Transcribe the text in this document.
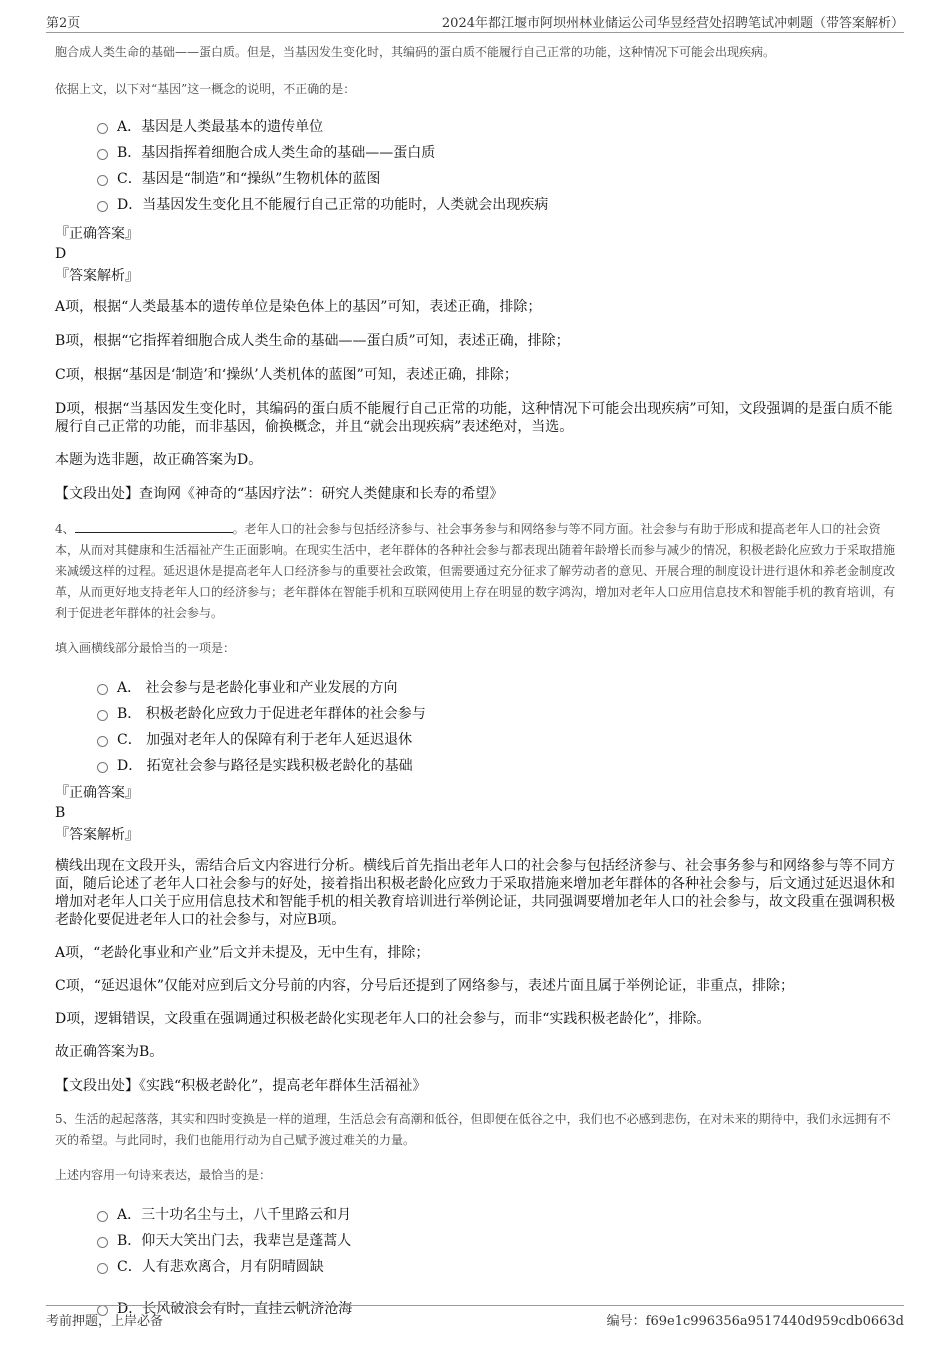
第2页	2024年都江堰市阿坝州林业储运公司华昱经营处招聘笔试冲刺题（带答案解析）
胞合成人类生命的基础——蛋白质。但是，当基因发生变化时，其编码的蛋白质不能履行自己正常的功能，这种情况下可能会出现疾病。
依据上文，以下对“基因”这一概念的说明，不正确的是：
A．基因是人类最基本的遗传单位
B．基因指挥着细胞合成人类生命的基础——蛋白质
C．基因是“制造”和“操纵”生物机体的蓝图
D．当基因发生变化且不能履行自己正常的功能时，人类就会出现疾病
『正确答案』
D
『答案解析』
A项，根据“人类最基本的遗传单位是染色体上的基因”可知，表述正确，排除；
B项，根据“它指挥着细胞合成人类生命的基础——蛋白质”可知，表述正确，排除；
C项，根据“基因是‘制造’和‘操纵’人类机体的蓝图”可知，表述正确，排除；
D项，根据“当基因发生变化时，其编码的蛋白质不能履行自己正常的功能，这种情况下可能会出现疾病”可知，文段强调的是蛋白质不能履行自己正常的功能，而非基因，偷换概念，并且“就会出现疾病”表述绝对，当选。
本题为选非题，故正确答案为D。
【文段出处】查询网《神奇的“基因疗法”：研究人类健康和长寿的希望》
4、	。老年人口的社会参与包括经济参与、社会事务参与和网络参与等不同方面。社会参与有助于形成和提高老年人口的社会资本，从而对其健康和生活福祉产生正面影响。在现实生活中，老年群体的各种社会参与都表现出随着年龄增长而参与减少的情况，积极老龄化应致力于采取措施来减缓这样的过程。延迟退休是提高老年人口经济参与的重要社会政策，但需要通过充分征求了解劳动者的意见、开展合理的制度设计进行退休和养老金制度改革，从而更好地支持老年人口的经济参与；老年群体在智能手机和互联网使用上存在明显的数字鸿沟，增加对老年人口应用信息技术和智能手机的教育培训，有利于促进老年群体的社会参与。
填入画横线部分最恰当的一项是：
A． 社会参与是老龄化事业和产业发展的方向
B． 积极老龄化应致力于促进老年群体的社会参与
C． 加强对老年人的保障有利于老年人延迟退休
D． 拓宽社会参与路径是实践积极老龄化的基础
『正确答案』
B
『答案解析』
横线出现在文段开头，需结合后文内容进行分析。横线后首先指出老年人口的社会参与包括经济参与、社会事务参与和网络参与等不同方面，随后论述了老年人口社会参与的好处，接着指出积极老龄化应致力于采取措施来增加老年群体的各种社会参与，后文通过延迟退休和增加对老年人口关于应用信息技术和智能手机的相关教育培训进行举例论证，共同强调要增加老年人口的社会参与，故文段重在强调积极老龄化要促进老年人口的社会参与，对应B项。
A项，“老龄化事业和产业”后文并未提及，无中生有，排除；
C项，“延迟退休”仅能对应到后文分号前的内容，分号后还提到了网络参与，表述片面且属于举例论证，非重点，排除；
D项，逻辑错误，文段重在强调通过积极老龄化实现老年人口的社会参与，而非“实践积极老龄化”，排除。
故正确答案为B。
【文段出处】《实践“积极老龄化”，提高老年群体生活福祉》
5、生活的起起落落，其实和四时变换是一样的道理，生活总会有高潮和低谷，但即便在低谷之中，我们也不必感到悲伤，在对未来的期待中，我们永远拥有不灭的希望。与此同时，我们也能用行动为自己赋予渡过难关的力量。
上述内容用一句诗来表达，最恰当的是：
A．三十功名尘与土，八千里路云和月
B．仰天大笑出门去，我辈岂是蓬蒿人
C．人有悲欢离合，月有阴晴圆缺
D．长风破浪会有时，直挂云帆济沧海
考前押题，上岸必备	编号：f69e1c996356a9517440d959cdb0663d
